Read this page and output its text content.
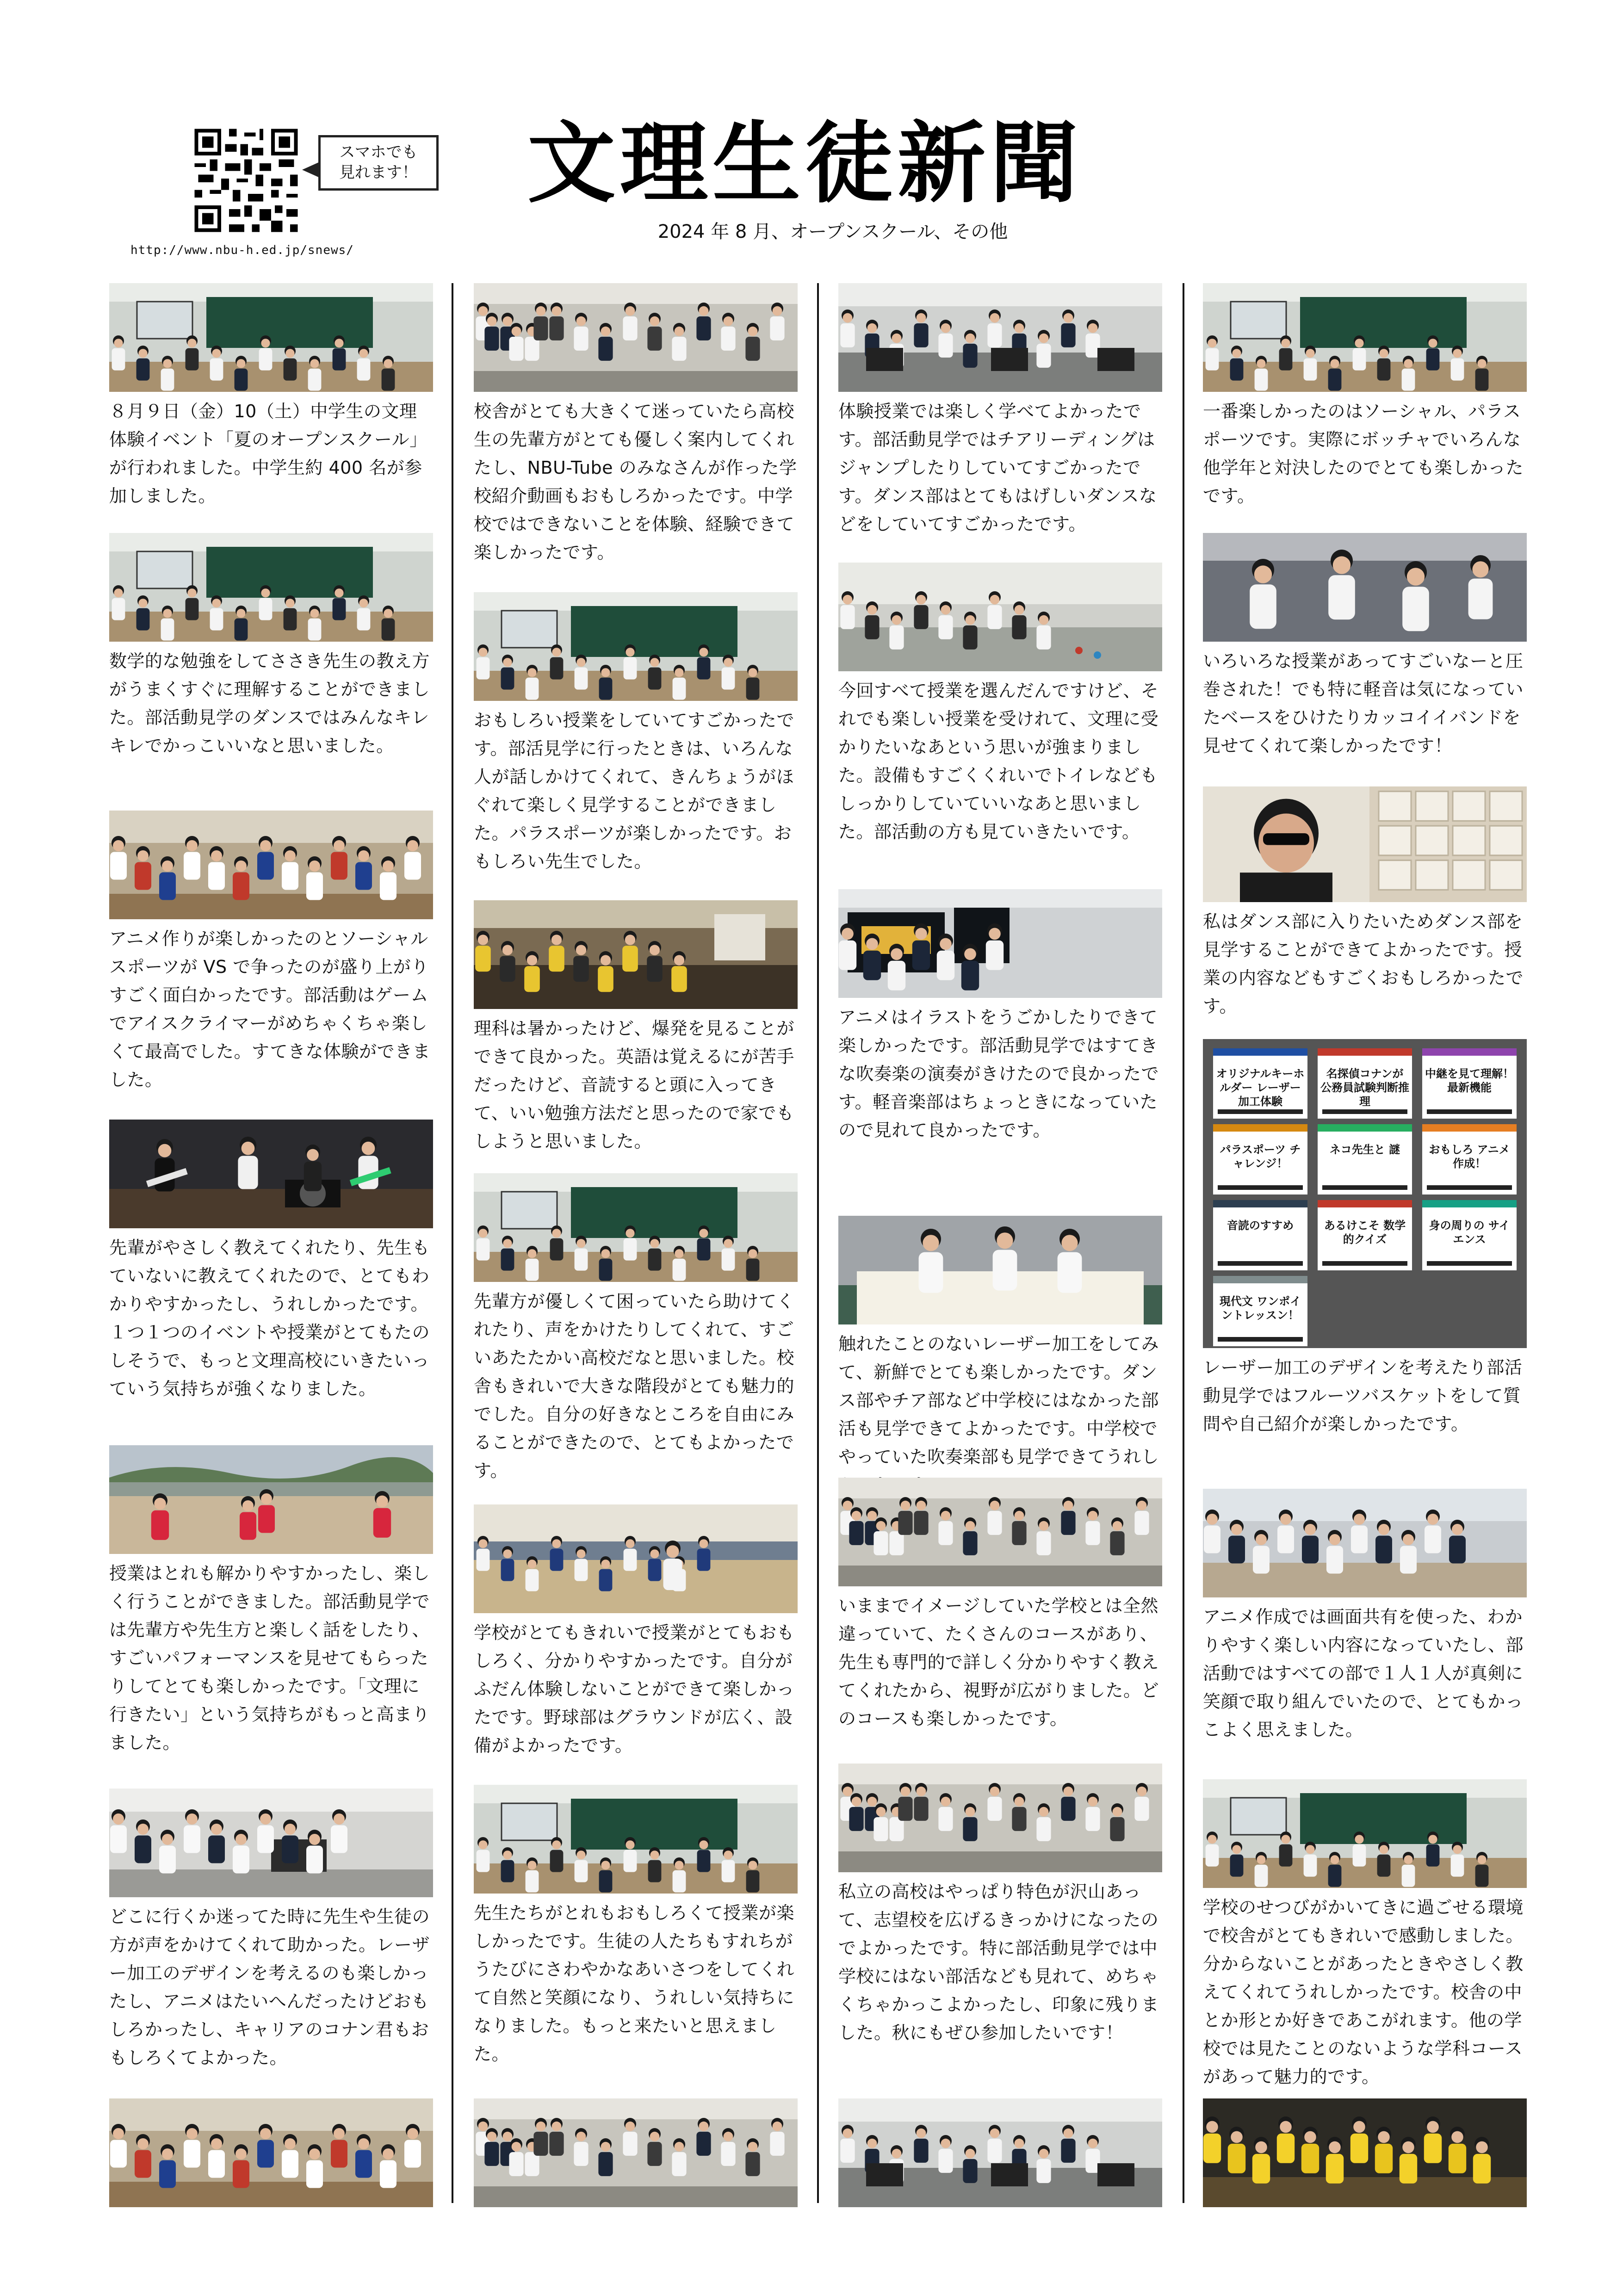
スマホでも
見れます！
http://www.nbu-h.ed.jp/snews/
文理生徒新聞
2024 年 8 月、オープンスクール、その他

８月９日（金）10（土）中学生の文理体験イベント「夏のオープンスクール」が行われました。中学生約 400 名が参加しました。

数学的な勉強をしてささき先生の教え方がうまくすぐに理解することができました。部活動見学のダンスではみんなキレキレでかっこいいなと思いました。

アニメ作りが楽しかったのとソーシャルスポーツが VS で争ったのが盛り上がりすごく面白かったです。部活動はゲームでアイスクライマーがめちゃくちゃ楽しくて最高でした。すてきな体験ができました。

先輩がやさしく教えてくれたり、先生もていないに教えてくれたので、とてもわかりやすかったし、うれしかったです。１つ１つのイベントや授業がとてもたのしそうで、もっと文理高校にいきたいっていう気持ちが強くなりました。

授業はとれも解かりやすかったし、楽しく行うことができました。部活動見学では先輩方や先生方と楽しく話をしたり、すごいパフォーマンスを見せてもらったりしてとても楽しかったです。「文理に行きたい」という気持ちがもっと高まりました。

どこに行くか迷ってた時に先生や生徒の方が声をかけてくれて助かった。レーザー加工のデザインを考えるのも楽しかったし、アニメはたいへんだったけどおもしろかったし、キャリアのコナン君もおもしろくてよかった。

校舎がとても大きくて迷っていたら高校生の先輩方がとても優しく案内してくれたし、NBU-Tube のみなさんが作った学校紹介動画もおもしろかったです。中学校ではできないことを体験、経験できて楽しかったです。

おもしろい授業をしていてすごかったです。部活見学に行ったときは、いろんな人が話しかけてくれて、きんちょうがほぐれて楽しく見学することができました。パラスポーツが楽しかったです。おもしろい先生でした。

理科は暑かったけど、爆発を見ることができて良かった。英語は覚えるにが苦手だったけど、音読すると頭に入ってきて、いい勉強方法だと思ったので家でもしようと思いました。

先輩方が優しくて困っていたら助けてくれたり、声をかけたりしてくれて、すごいあたたかい高校だなと思いました。校舎もきれいで大きな階段がとても魅力的でした。自分の好きなところを自由にみることができたので、とてもよかったです。

学校がとてもきれいで授業がとてもおもしろく、分かりやすかったです。自分がふだん体験しないことができて楽しかったです。野球部はグラウンドが広く、設備がよかったです。

先生たちがとれもおもしろくて授業が楽しかったです。生徒の人たちもすれちがうたびにさわやかなあいさつをしてくれて自然と笑顔になり、うれしい気持ちになりました。もっと来たいと思えました。

体験授業では楽しく学べてよかったです。部活動見学ではチアリーディングはジャンプしたりしていてすごかったです。ダンス部はとてもはげしいダンスなどをしていてすごかったです。

今回すべて授業を選んだんですけど、それでも楽しい授業を受けれて、文理に受かりたいなあという思いが強まりました。設備もすごくくれいでトイレなどもしっかりしていていいなあと思いました。部活動の方も見ていきたいです。

アニメはイラストをうごかしたりできて楽しかったです。部活動見学ではすてきな吹奏楽の演奏がきけたので良かったです。軽音楽部はちょっときになっていたので見れて良かったです。

触れたことのないレーザー加工をしてみて、新鮮でとても楽しかったです。ダンス部やチア部など中学校にはなかった部活も見学できてよかったです。中学校でやっていた吹奏楽部も見学できてうれし

いままでイメージしていた学校とは全然違っていて、たくさんのコースがあり、先生も専門的で詳しく分かりやすく教えてくれたから、視野が広がりました。どのコースも楽しかったです。

私立の高校はやっぱり特色が沢山あって、志望校を広げるきっかけになったのでよかったです。特に部活動見学では中学校にはない部活なども見れて、めちゃくちゃかっこよかったし、印象に残りました。秋にもぜひ参加したいです！

一番楽しかったのはソーシャル、パラスポーツです。実際にボッチャでいろんな他学年と対決したのでとても楽しかったです。

いろいろな授業があってすごいなーと圧巻された！でも特に軽音は気になっていたベースをひけたりカッコイイバンドを見せてくれて楽しかったです！

私はダンス部に入りたいためダンス部を見学することができてよかったです。授業の内容などもすごくおもしろかったです。

オリジナルキーホルダー レーザー加工体験
名探偵コナンが 公務員試験判断推理
中継を見て理解！ 最新機能
パラスポーツ チャレンジ！
ネコ先生と 謎	おもしろ アニメ作成！
音読のすすめ	あるけこそ 数学的クイズ
身の周りの サイエンス
現代文 ワンポイントレッスン！

レーザー加工のデザインを考えたり部活動見学ではフルーツバスケットをして質問や自己紹介が楽しかったです。

アニメ作成では画面共有を使った、わかりやすく楽しい内容になっていたし、部活動ではすべての部で１人１人が真剣に笑顔で取り組んでいたので、とてもかっこよく思えました。

学校のせつびがかいてきに過ごせる環境で校舎がとてもきれいで感動しました。分からないことがあったときやさしく教えてくれてうれしかったです。校舎の中とか形とか好きであこがれます。他の学校では見たことのないような学科コースがあって魅力的です。
